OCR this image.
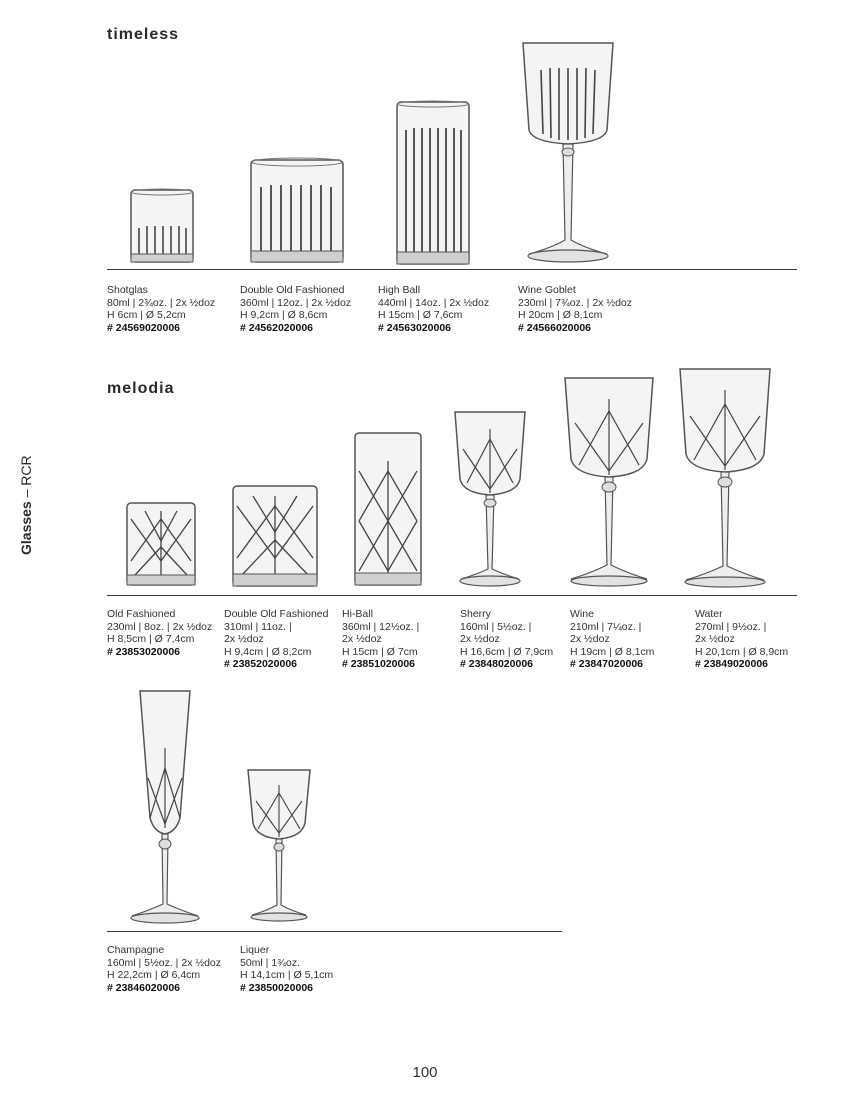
timeless
melodia
Shotglas
80ml | 2¾oz. | 2x ½doz
H 6cm | Ø 5,2cm
# 24569020006
Double Old Fashioned
360ml | 12oz. | 2x ½doz
H 9,2cm | Ø 8,6cm
# 24562020006
High Ball
440ml | 14oz. | 2x ½doz
H 15cm | Ø 7,6cm
# 24563020006
Wine Goblet
230ml | 7¾oz. | 2x ½doz
H 20cm | Ø 8,1cm
# 24566020006
Old Fashioned
230ml | 8oz. | 2x ½doz
H 8,5cm | Ø 7,4cm
# 23853020006
Double Old Fashioned
310ml | 11oz. |
2x ½doz
H 9,4cm | Ø 8,2cm
# 23852020006
Hi-Ball
360ml | 12½oz. |
2x ½doz
H 15cm | Ø 7cm
# 23851020006
Sherry
160ml | 5½oz. |
2x ½doz
H 16,6cm | Ø 7,9cm
# 23848020006
Wine
210ml | 7¼oz. |
2x ½doz
H 19cm | Ø 8,1cm
# 23847020006
Water
270ml | 9½oz. |
2x ½doz
H 20,1cm | Ø 8,9cm
# 23849020006
Champagne
160ml | 5½oz. | 2x ½doz
H 22,2cm | Ø 6,4cm
# 23846020006
Liquer
50ml | 1¾oz.
H 14,1cm | Ø 5,1cm
# 23850020006
Glasses – RCR
100
